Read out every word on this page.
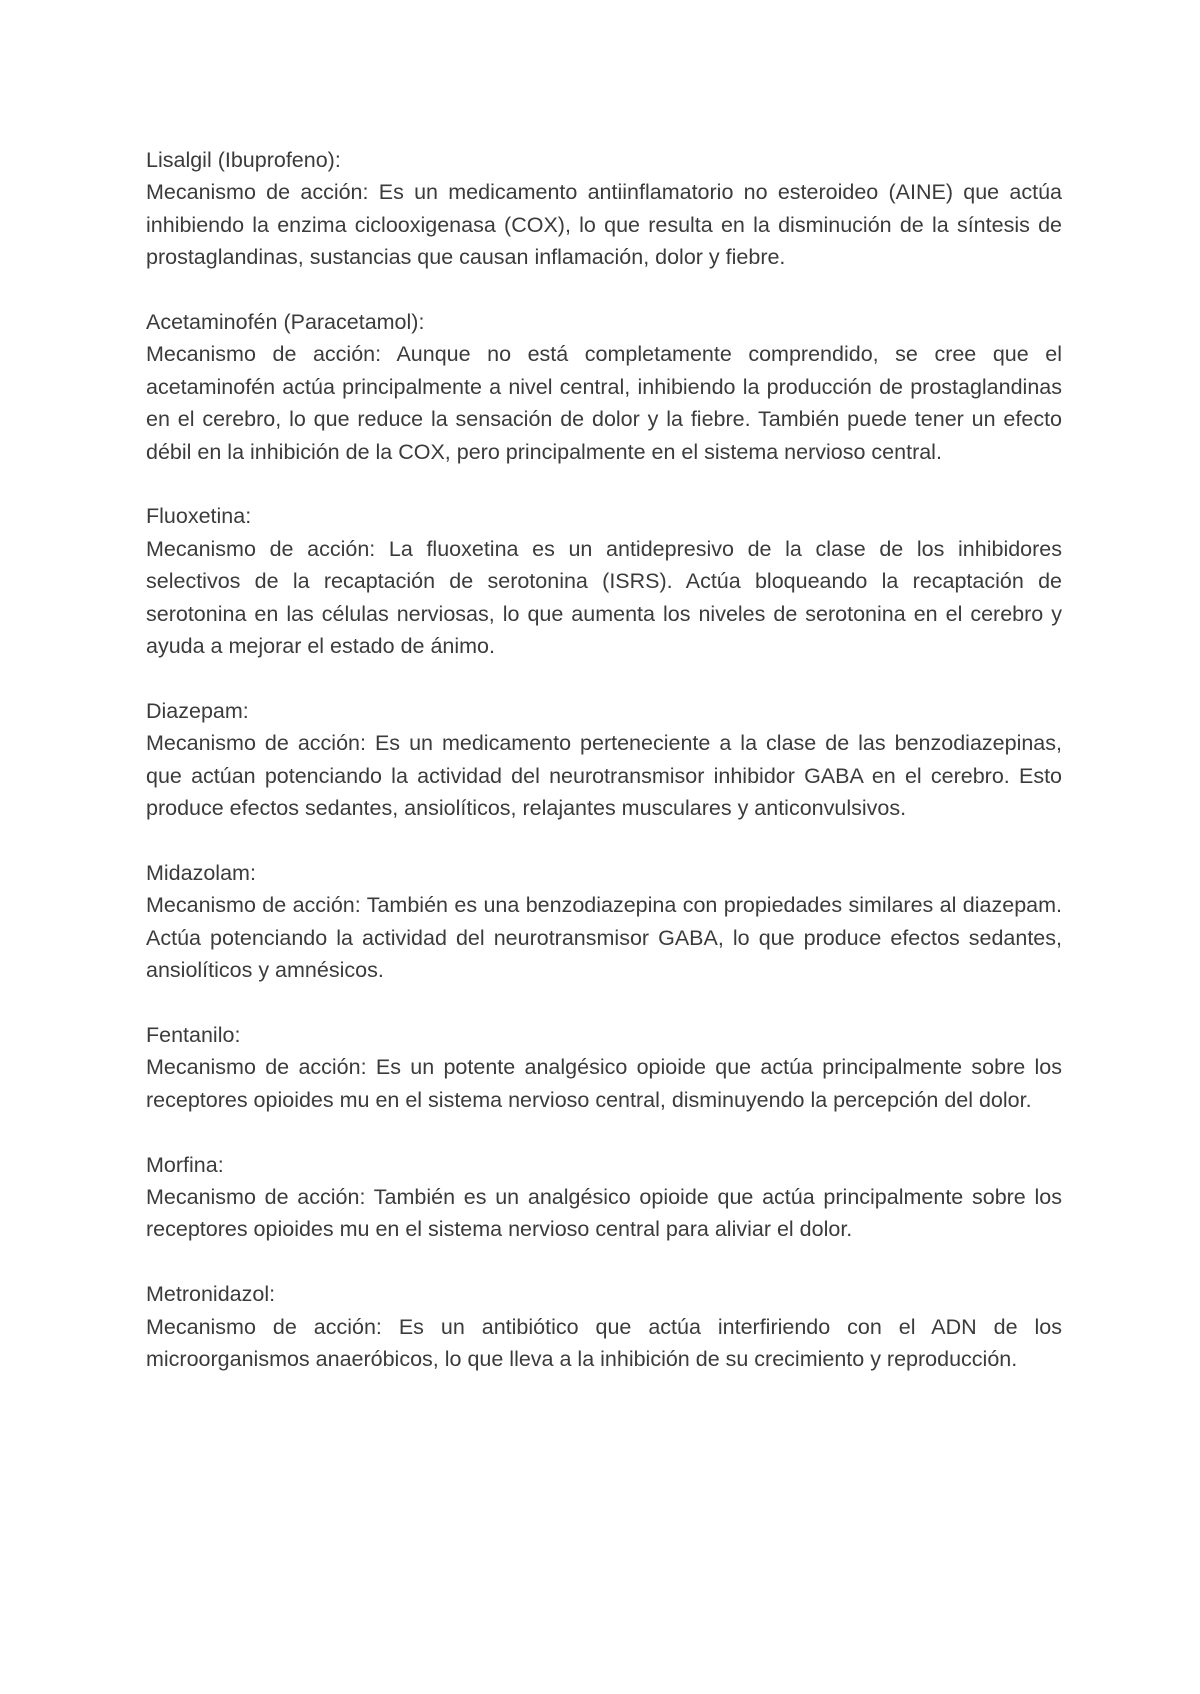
Lisalgil (Ibuprofeno):
Mecanismo de acción: Es un medicamento antiinflamatorio no esteroideo (AINE) que actúa inhibiendo la enzima ciclooxigenasa (COX), lo que resulta en la disminución de la síntesis de prostaglandinas, sustancias que causan inflamación, dolor y fiebre.
Acetaminofén (Paracetamol):
Mecanismo de acción: Aunque no está completamente comprendido, se cree que el acetaminofén actúa principalmente a nivel central, inhibiendo la producción de prostaglandinas en el cerebro, lo que reduce la sensación de dolor y la fiebre. También puede tener un efecto débil en la inhibición de la COX, pero principalmente en el sistema nervioso central.
Fluoxetina:
Mecanismo de acción: La fluoxetina es un antidepresivo de la clase de los inhibidores selectivos de la recaptación de serotonina (ISRS). Actúa bloqueando la recaptación de serotonina en las células nerviosas, lo que aumenta los niveles de serotonina en el cerebro y ayuda a mejorar el estado de ánimo.
Diazepam:
Mecanismo de acción: Es un medicamento perteneciente a la clase de las benzodiazepinas, que actúan potenciando la actividad del neurotransmisor inhibidor GABA en el cerebro. Esto produce efectos sedantes, ansiolíticos, relajantes musculares y anticonvulsivos.
Midazolam:
Mecanismo de acción: También es una benzodiazepina con propiedades similares al diazepam. Actúa potenciando la actividad del neurotransmisor GABA, lo que produce efectos sedantes, ansiolíticos y amnésicos.
Fentanilo:
Mecanismo de acción: Es un potente analgésico opioide que actúa principalmente sobre los receptores opioides mu en el sistema nervioso central, disminuyendo la percepción del dolor.
Morfina:
Mecanismo de acción: También es un analgésico opioide que actúa principalmente sobre los receptores opioides mu en el sistema nervioso central para aliviar el dolor.
Metronidazol:
Mecanismo de acción: Es un antibiótico que actúa interfiriendo con el ADN de los microorganismos anaeróbicos, lo que lleva a la inhibición de su crecimiento y reproducción.
